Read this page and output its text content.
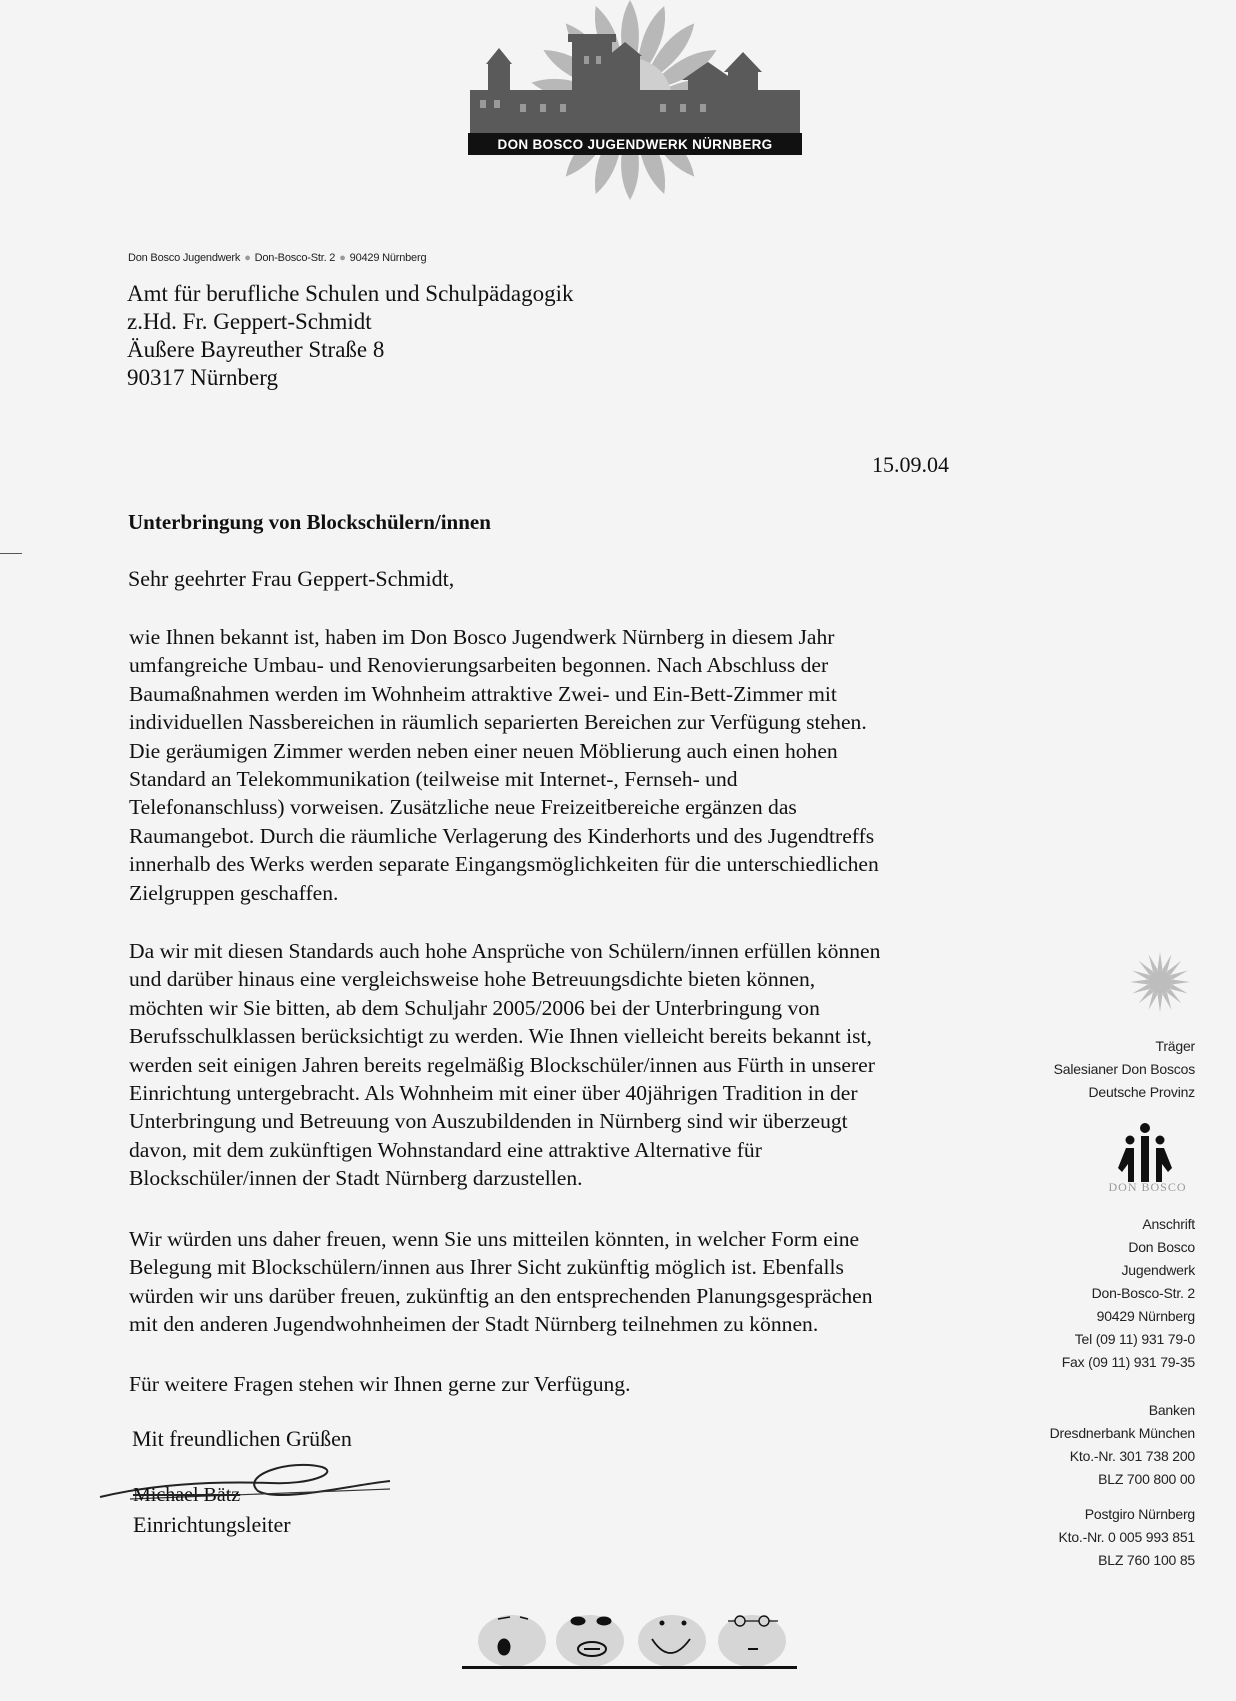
DON BOSCO JUGENDWERK NÜRNBERG
Don Bosco Jugendwerk ● Don-Bosco-Str. 2 ● 90429 Nürnberg
Amt für berufliche Schulen und Schulpädagogik
z.Hd. Fr. Geppert-Schmidt
Äußere Bayreuther Straße 8
90317 Nürnberg
15.09.04
Unterbringung von Blockschülern/innen
Sehr geehrter Frau Geppert-Schmidt,
wie Ihnen bekannt ist, haben im Don Bosco Jugendwerk Nürnberg in diesem Jahr
umfangreiche Umbau- und Renovierungsarbeiten begonnen. Nach Abschluss der
Baumaßnahmen werden im Wohnheim attraktive Zwei- und Ein-Bett-Zimmer mit
individuellen Nassbereichen in räumlich separierten Bereichen zur Verfügung stehen.
Die geräumigen Zimmer werden neben einer neuen Möblierung auch einen hohen
Standard an Telekommunikation (teilweise mit Internet-, Fernseh- und
Telefonanschluss) vorweisen. Zusätzliche neue Freizeitbereiche ergänzen das
Raumangebot. Durch die räumliche Verlagerung des Kinderhorts und des Jugendtreffs
innerhalb des Werks werden separate Eingangsmöglichkeiten für die unterschiedlichen
Zielgruppen geschaffen.
Da wir mit diesen Standards auch hohe Ansprüche von Schülern/innen erfüllen können
und darüber hinaus eine vergleichsweise hohe Betreuungsdichte bieten können,
möchten wir Sie bitten, ab dem Schuljahr 2005/2006 bei der Unterbringung von
Berufsschulklassen berücksichtigt zu werden. Wie Ihnen vielleicht bereits bekannt ist,
werden seit einigen Jahren bereits regelmäßig Blockschüler/innen aus Fürth in unserer
Einrichtung untergebracht. Als Wohnheim mit einer über 40jährigen Tradition in der
Unterbringung und Betreuung von Auszubildenden in Nürnberg sind wir überzeugt
davon, mit dem zukünftigen Wohnstandard eine attraktive Alternative für
Blockschüler/innen der Stadt Nürnberg darzustellen.
Wir würden uns daher freuen, wenn Sie uns mitteilen könnten, in welcher Form eine
Belegung mit Blockschülern/innen aus Ihrer Sicht zukünftig möglich ist. Ebenfalls
würden wir uns darüber freuen, zukünftig an den entsprechenden Planungsgesprächen
mit den anderen Jugendwohnheimen der Stadt Nürnberg teilnehmen zu können.
Für weitere Fragen stehen wir Ihnen gerne zur Verfügung.
Mit freundlichen Grüßen
Michael Bätz
Einrichtungsleiter
Träger
Salesianer Don Boscos
Deutsche Provinz
DON BOSCO
Anschrift
Don Bosco
Jugendwerk
Don-Bosco-Str. 2
90429 Nürnberg
Tel (09 11) 931 79-0
Fax (09 11) 931 79-35
Banken
Dresdnerbank München
Kto.-Nr. 301 738 200
BLZ 700 800 00
Postgiro Nürnberg
Kto.-Nr. 0 005 993 851
BLZ 760 100 85
